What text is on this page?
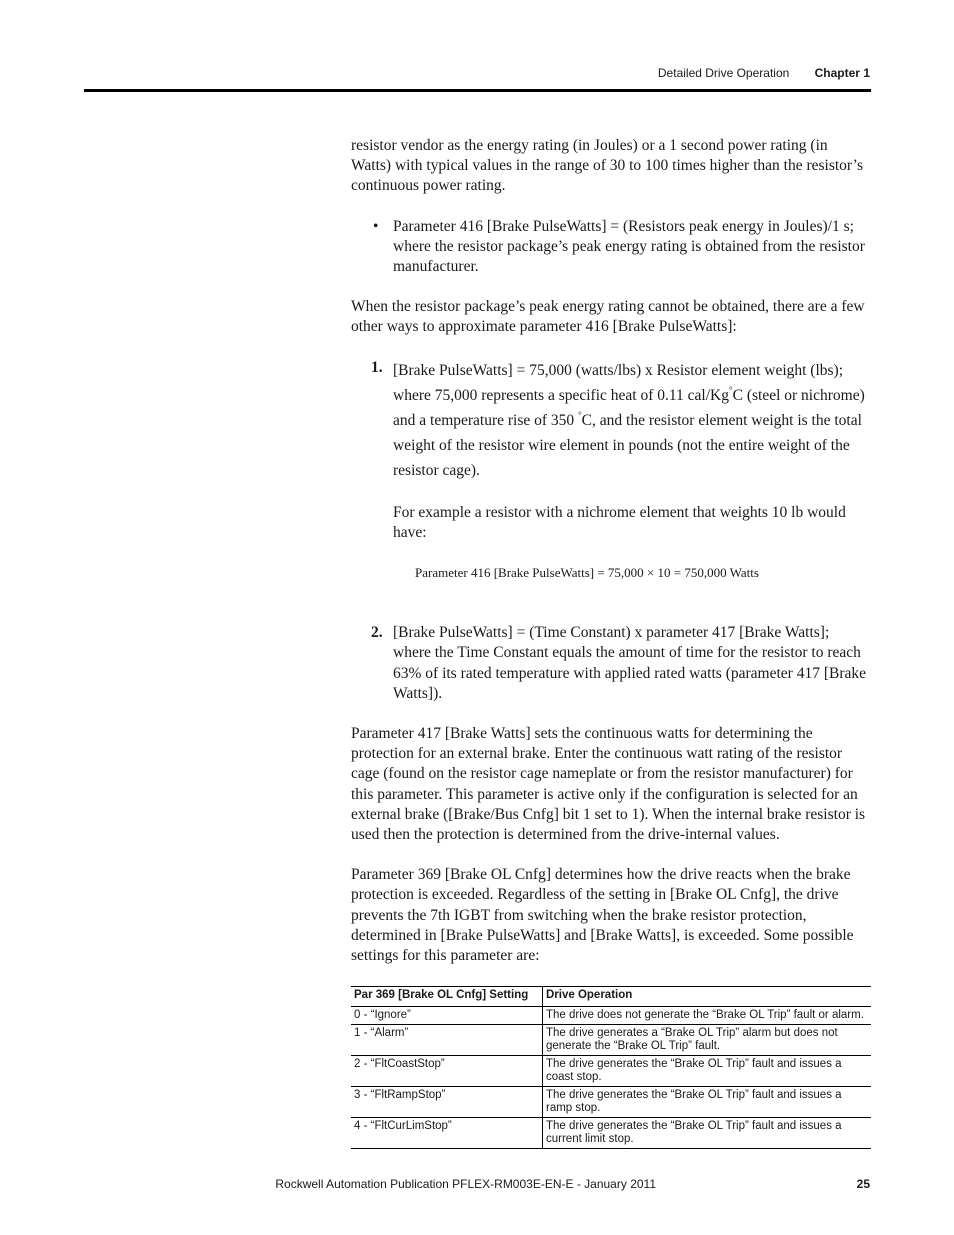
Detailed Drive Operation Chapter 1

resistor vendor as the energy rating (in Joules) or a 1 second power rating (in Watts) with typical values in the range of 30 to 100 times higher than the resistor’s continuous power rating.

• Parameter 416 [Brake PulseWatts] = (Resistors peak energy in Joules)/1 s; where the resistor package’s peak energy rating is obtained from the resistor manufacturer.

When the resistor package’s peak energy rating cannot be obtained, there are a few other ways to approximate parameter 416 [Brake PulseWatts]:

1. [Brake PulseWatts] = 75,000 (watts/lbs) x Resistor element weight (lbs); where 75,000 represents a specific heat of 0.11 cal/Kg°C (steel or nichrome) and a temperature rise of 350 °C, and the resistor element weight is the total weight of the resistor wire element in pounds (not the entire weight of the resistor cage).

For example a resistor with a nichrome element that weights 10 lb would have:

Parameter 416 [Brake PulseWatts] = 75,000 × 10 = 750,000 Watts
2. [Brake PulseWatts] = (Time Constant) x parameter 417 [Brake Watts]; where the Time Constant equals the amount of time for the resistor to reach 63% of its rated temperature with applied rated watts (parameter 417 [Brake Watts]).

Parameter 417 [Brake Watts] sets the continuous watts for determining the protection for an external brake. Enter the continuous watt rating of the resistor cage (found on the resistor cage nameplate or from the resistor manufacturer) for this parameter. This parameter is active only if the configuration is selected for an external brake ([Brake/Bus Cnfg] bit 1 set to 1). When the internal brake resistor is used then the protection is determined from the drive-internal values.

Parameter 369 [Brake OL Cnfg] determines how the drive reacts when the brake protection is exceeded. Regardless of the setting in [Brake OL Cnfg], the drive prevents the 7th IGBT from switching when the brake resistor protection, determined in [Brake PulseWatts] and [Brake Watts], is exceeded. Some possible settings for this parameter are:

Par 369 [Brake OL Cnfg] Setting	Drive Operation
0 - “Ignore”	The drive does not generate the “Brake OL Trip” fault or alarm.
1 - “Alarm”	The drive generates a “Brake OL Trip” alarm but does not generate the “Brake OL Trip” fault.
2 - “FltCoastStop”	The drive generates the “Brake OL Trip” fault and issues a coast stop.
3 - “FltRampStop”	The drive generates the “Brake OL Trip” fault and issues a ramp stop.
4 - “FltCurLimStop”	The drive generates the “Brake OL Trip” fault and issues a current limit stop.
Rockwell Automation Publication PFLEX-RM003E-EN-E - January 2011	25
